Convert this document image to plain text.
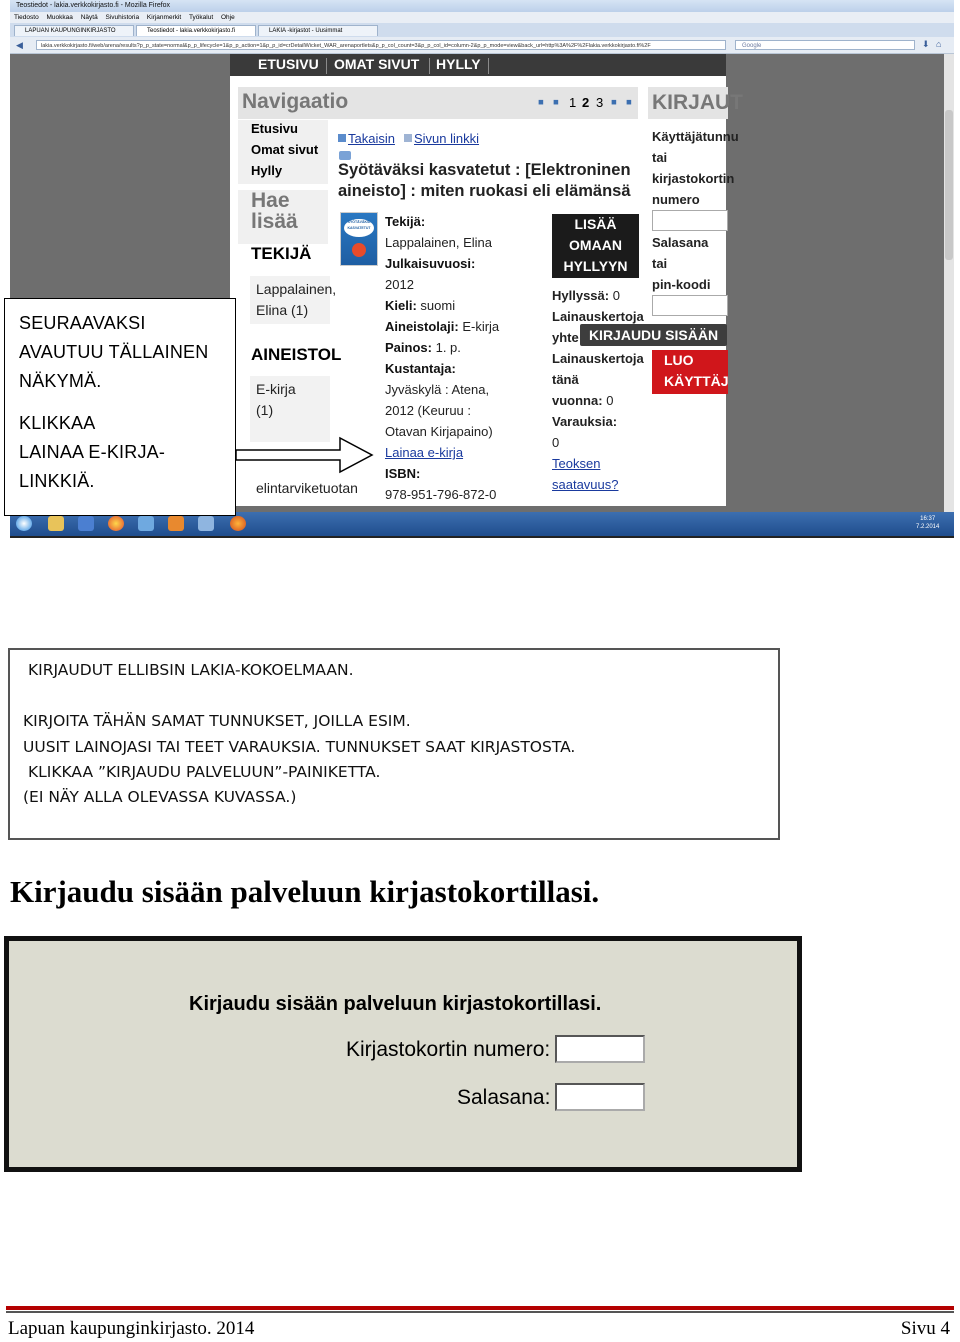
Teostiedot - lakia.verkkokirjasto.fi - Mozilla Firefox
Tiedosto Muokkaa Näytä Sivuhistoria Kirjanmerkit Työkalut Ohje
LAPUAN KAUPUNGINKIRJASTO	Teostiedot - lakia.verkkokirjasto.fi	LAKIA -kirjastot - Uusimmat
◀	lakia.verkkokirjasto.fi/web/arena/results?p_p_state=normal&p_p_lifecycle=1&p_p_action=1&p_p_id=crDetailWicket_WAR_arenaportlets&p_p_col_count=3&p_p_col_id=column-2&p_p_mode=view&back_url=http%3A%2F%2Flakia.verkkokirjasto.fi%2F	Google	⬇ ⌂
ETUSIVU OMAT SIVUT HYLLY
Navigaatio	◼ ◼ 1 2 3 ◼ ◼
Etusivu
Omat sivut
Hylly
Hae lisää
TEKIJÄ
Lappalainen, Elina (1)
AINEISTOL
E-kirja (1)
elintarviketuotan
Takaisin Sivun linkki
Syötäväksi kasvatetut : [Elektroninen aineisto] : miten ruokasi eli elämänsä
SYÖTÄVÄKSI KASVATETUT Tekijä:
Lappalainen, Elina
Julkaisuvuosi:
2012
Kieli: suomi
Aineistolaji: E-kirja
Painos: 1. p.
Kustantaja:
Jyväskylä : Atena,
2012 (Keuruu :
Otavan Kirjapaino)
Lainaa e-kirja
ISBN:
978-951-796-872-0
LISÄÄ
OMAAN
HYLLYYN
Hyllyssä: 0
Lainauskertoja
yhte
Lainauskertoja
tänä
vuonna: 0
Varauksia:
0
Teoksen
saatavuus?
KIRJAUT
Käyttäjätunnu
tai
kirjastokortin
numero
Salasana
tai
pin-koodi
KIRJAUDU SISÄÄN
LUO
KÄYTTÄJ
16:37
7.2.2014

SEURAAVAKSI

AVAUTUU TÄLLAINEN

NÄKYMÄ.

KLIKKAA

LAINAA E-KIRJA-

LINKKIÄ.

KIRJAUDUT ELLIBSIN LAKIA-KOKOELMAAN.
KIRJOITA TÄHÄN SAMAT TUNNUKSET, JOILLA ESIM.
UUSIT LAINOJASI TAI TEET VARAUKSIA. TUNNUKSET SAAT KIRJASTOSTA.
KLIKKAA ”KIRJAUDU PALVELUUN”-PAINIKETTA.
(EI NÄY ALLA OLEVASSA KUVASSA.)
Kirjaudu sisään palveluun kirjastokortillasi.
Kirjaudu sisään palveluun kirjastokortillasi.
Kirjastokortin numero:
Salasana:
Lapuan kaupunginkirjasto. 2014	Sivu 4
